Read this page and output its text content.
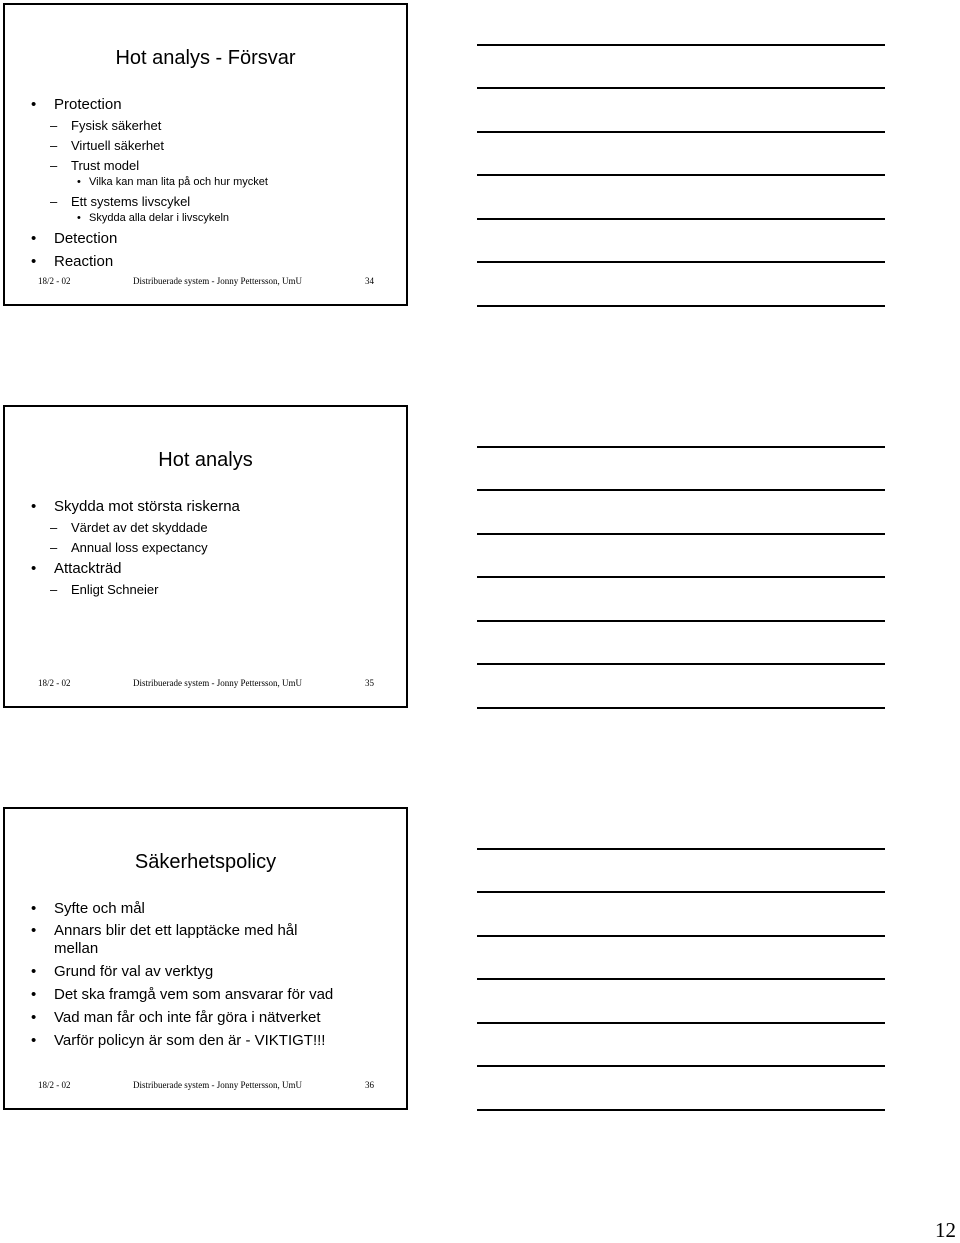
Hot analys - Försvar
• Protection
– Fysisk säkerhet
– Virtuell säkerhet
– Trust model
• Vilka kan man lita på och hur mycket
– Ett systems livscykel
• Skydda alla delar i livscykeln
• Detection
• Reaction
18/2 - 02	Distribuerade system - Jonny Pettersson, UmU	34
Hot analys
• Skydda mot största riskerna
– Värdet av det skyddade
– Annual loss expectancy
• Attackträd
– Enligt Schneier
18/2 - 02	Distribuerade system - Jonny Pettersson, UmU	35
Säkerhetspolicy
• Syfte och mål
• Annars blir det ett lapptäcke med hål mellan
• Grund för val av verktyg
• Det ska framgå vem som ansvarar för vad
• Vad man får och inte får göra i nätverket
• Varför policyn är som den är - VIKTIGT!!!
18/2 - 02	Distribuerade system - Jonny Pettersson, UmU	36
12
